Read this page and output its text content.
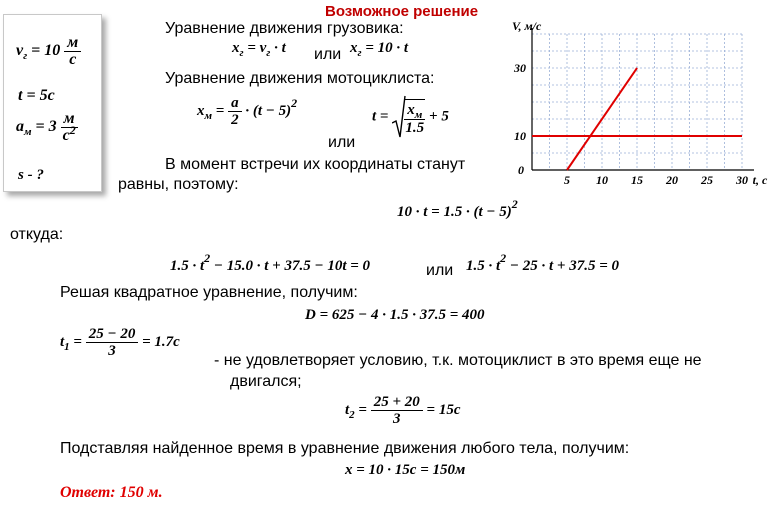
Возможное решение
$v_г = 10 \frac{м}{с}$
t = 5с
$a_м = 3 \frac{м}{с^2}$
s - ?
Уравнение движения грузовика:
$x_г = v_г \cdot t$ или $x_г = 10 \cdot t$
Уравнение движения мотоциклиста:
$x_м = \frac{a}{2} \cdot (t - 5)^2$
или
$t = \frac{x_м}{1.5} + 5$
В момент встречи их координаты станут
равны, поэтому:
$10 \cdot t = 1.5 \cdot (t - 5)^2$
откуда:
$1.5 \cdot t^2 - 15.0 \cdot t + 37.5 - 10t = 0$	или $1.5 \cdot t^2 - 25 \cdot t + 37.5 = 0$
Решая квадратное уравнение, получим:
D = 625 − 4 · 1.5 · 37.5 = 400
$t_1 = \frac{25 - 20}{3} = 1.7с$
- не удовлетворяет условию, т.к. мотоциклист в это время еще не
двигался;
$t_2 = \frac{25 + 20}{3} = 15с$
Подставляя найденное время в уравнение движения любого тела, получим:
x = 10 · 15с = 150м
Ответ: 150 м.
5 10 15 20 25 30
10
30
0
V, м/с
t, с
